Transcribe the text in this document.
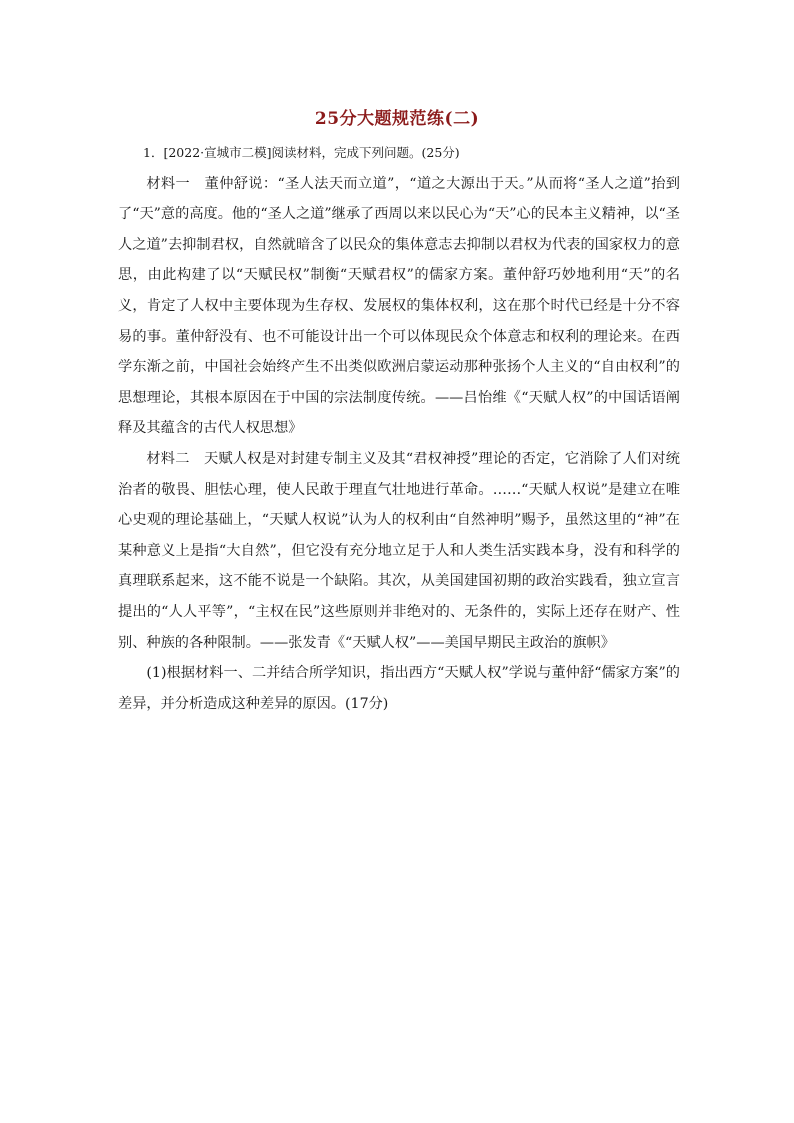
25分大题规范练(二)

1．[2022·宣城市二模]阅读材料，完成下列问题。(25分)

材料一　董仲舒说：“圣人法天而立道”，“道之大源出于天。”从而将“圣人之道”抬到了“天”意的高度。他的“圣人之道”继承了西周以来以民心为“天”心的民本主义精神，以“圣人之道”去抑制君权，自然就暗含了以民众的集体意志去抑制以君权为代表的国家权力的意思，由此构建了以“天赋民权”制衡“天赋君权”的儒家方案。董仲舒巧妙地利用“天”的名义，肯定了人权中主要体现为生存权、发展权的集体权利，这在那个时代已经是十分不容易的事。董仲舒没有、也不可能设计出一个可以体现民众个体意志和权利的理论来。在西学东渐之前，中国社会始终产生不出类似欧洲启蒙运动那种张扬个人主义的“自由权利”的思想理论，其根本原因在于中国的宗法制度传统。——吕怡维《“天赋人权”的中国话语阐释及其蕴含的古代人权思想》

材料二　天赋人权是对封建专制主义及其“君权神授”理论的否定，它消除了人们对统治者的敬畏、胆怯心理，使人民敢于理直气壮地进行革命。……“天赋人权说”是建立在唯心史观的理论基础上，“天赋人权说”认为人的权利由“自然神明”赐予，虽然这里的“神”在某种意义上是指“大自然”，但它没有充分地立足于人和人类生活实践本身，没有和科学的真理联系起来，这不能不说是一个缺陷。其次，从美国建国初期的政治实践看，独立宣言提出的“人人平等”，“主权在民”这些原则并非绝对的、无条件的，实际上还存在财产、性别、种族的各种限制。——张发青《“天赋人权”——美国早期民主政治的旗帜》

(1)根据材料一、二并结合所学知识，指出西方“天赋人权”学说与董仲舒“儒家方案”的差异，并分析造成这种差异的原因。(17分)
